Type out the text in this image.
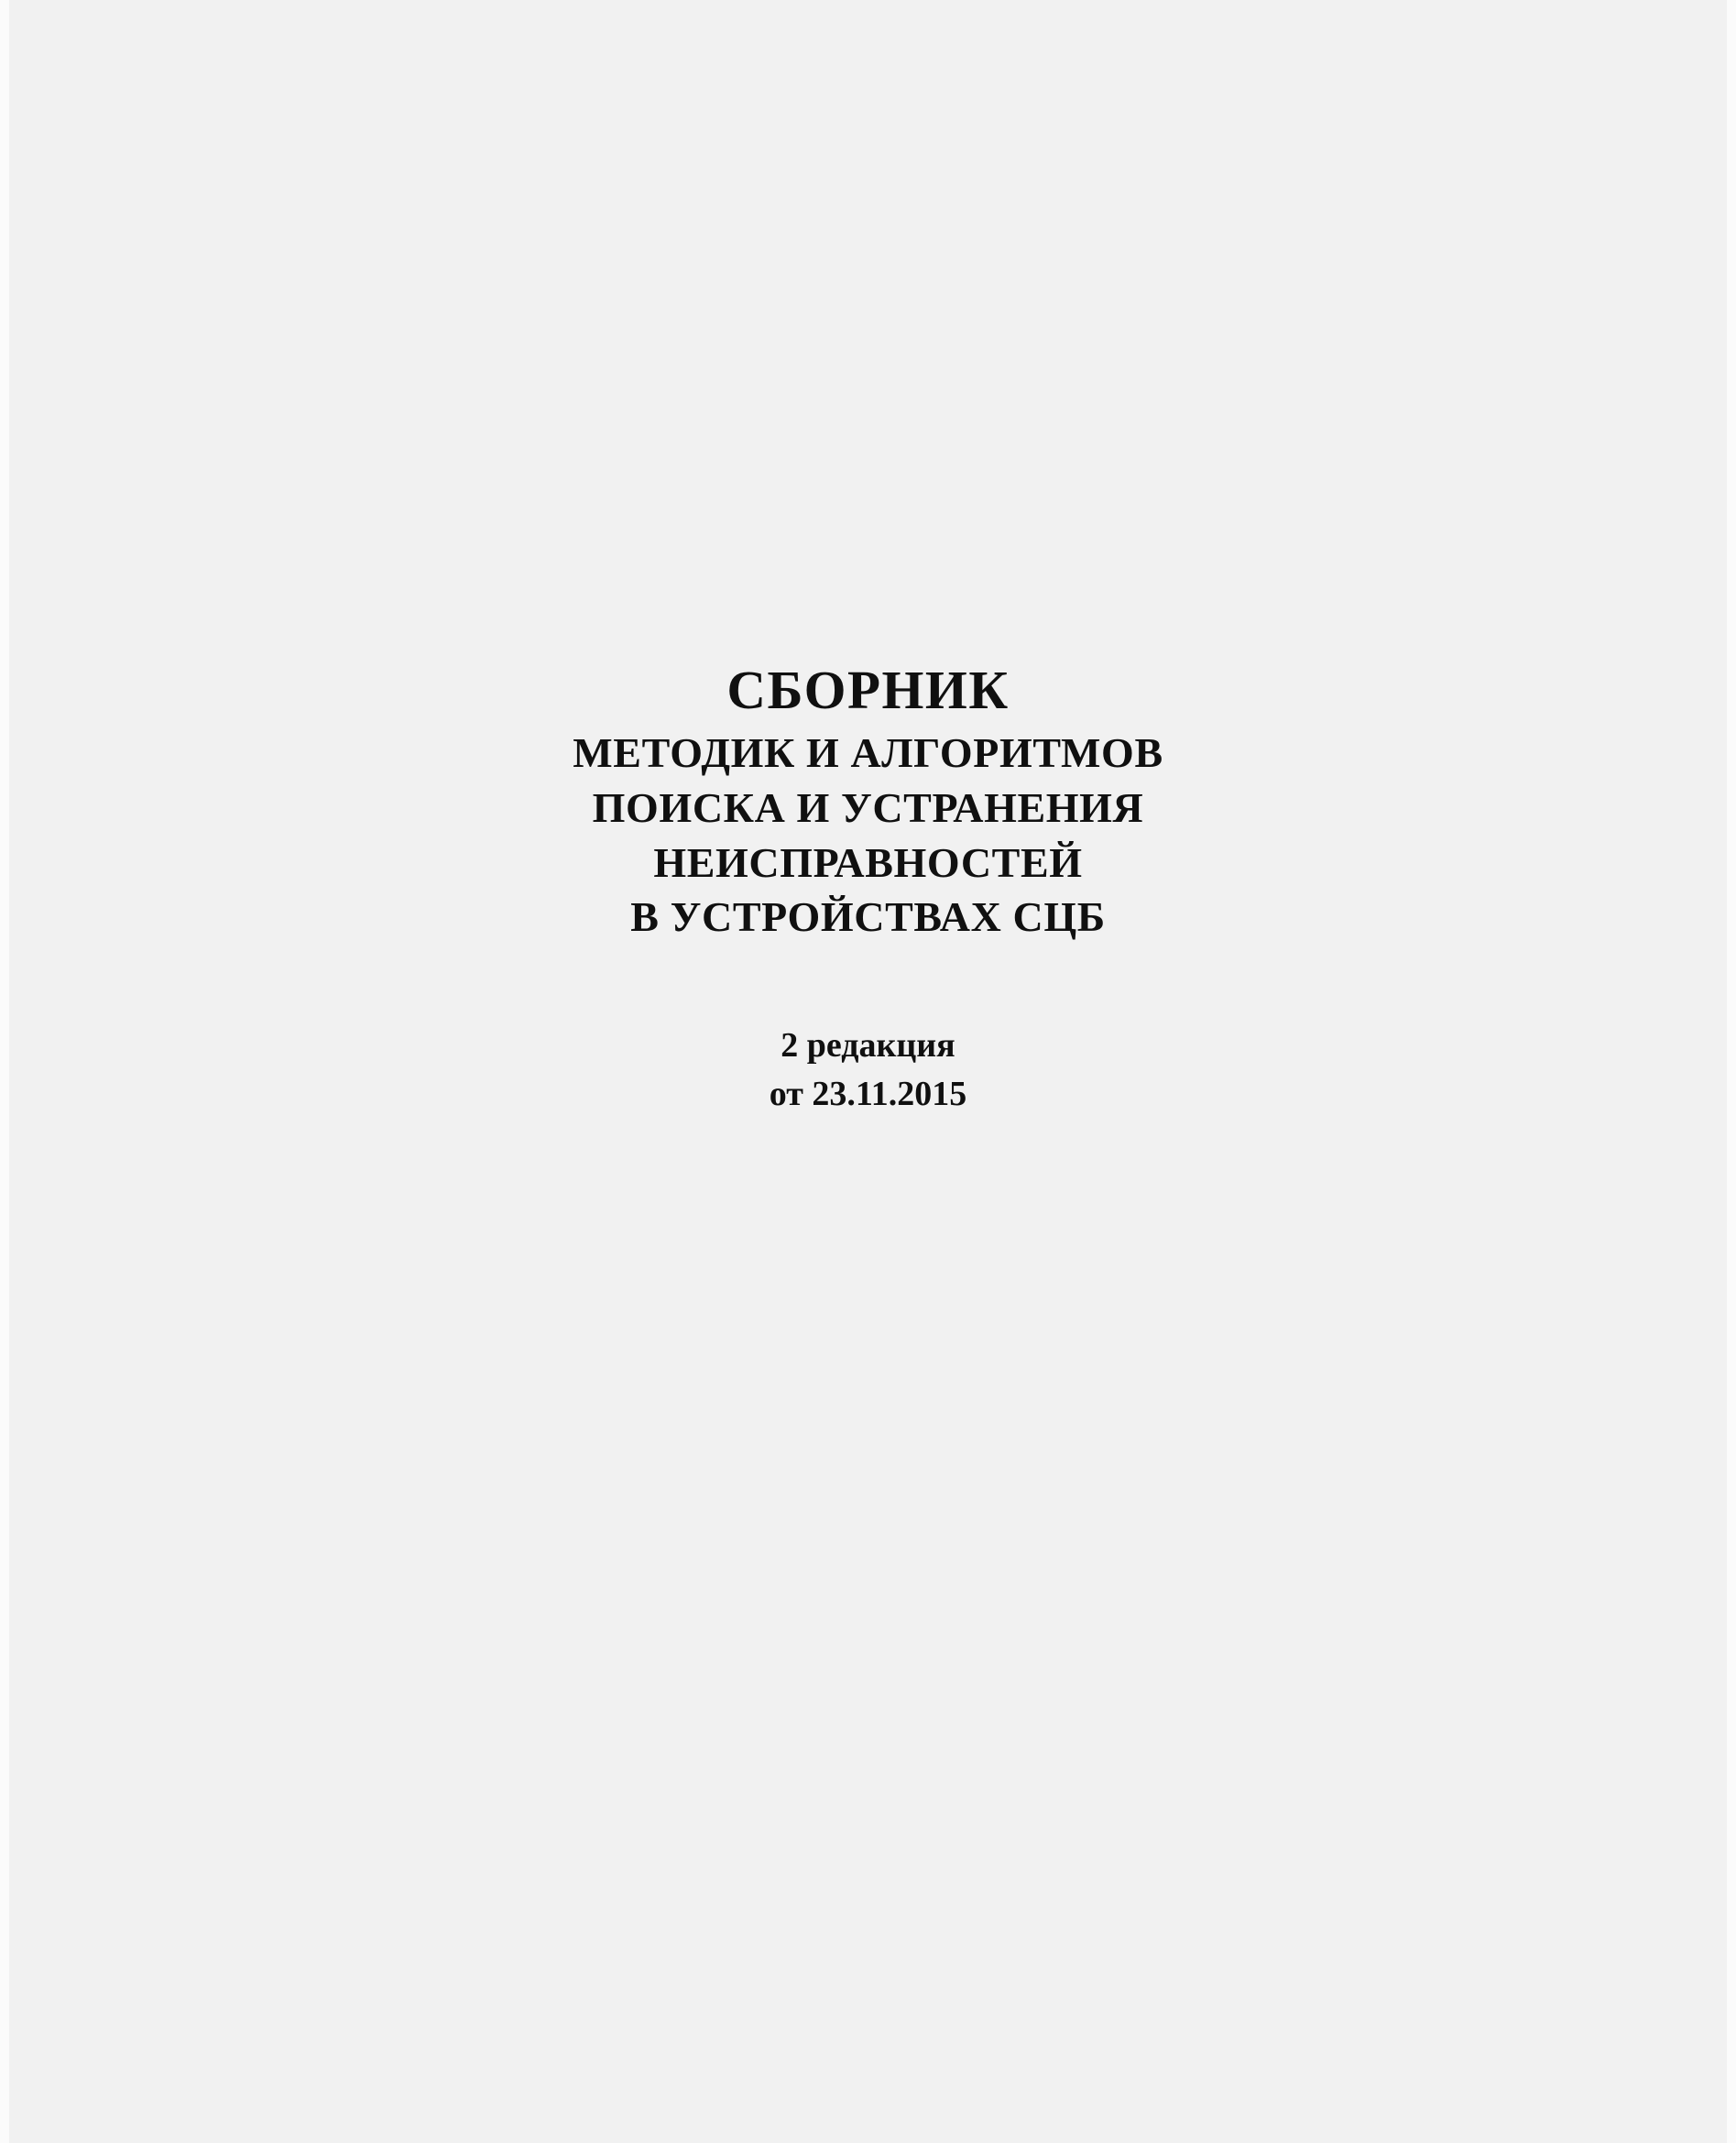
СБОРНИК
МЕТОДИК И АЛГОРИТМОВ
ПОИСКА И УСТРАНЕНИЯ
НЕИСПРАВНОСТЕЙ
В УСТРОЙСТВАХ СЦБ
2 редакция
от 23.11.2015
